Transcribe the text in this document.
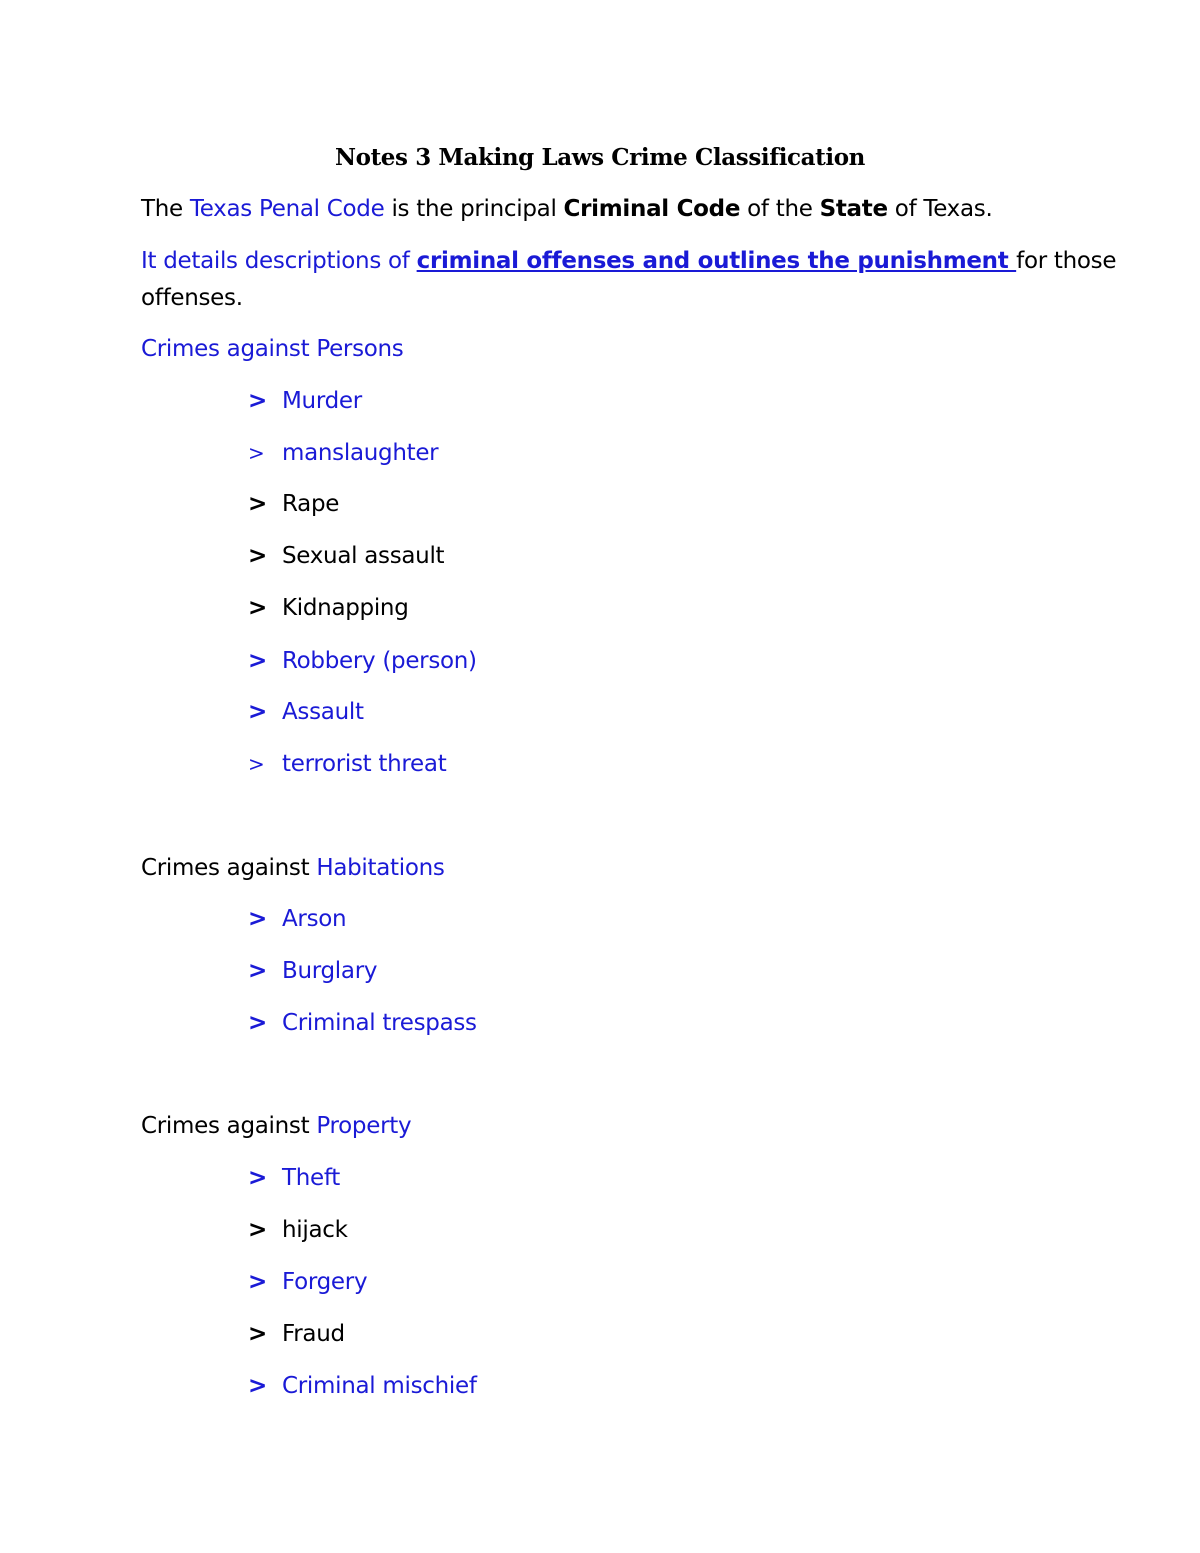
Notes 3 Making Laws Crime Classification
The Texas Penal Code is the principal Criminal Code of the State of Texas.
It details descriptions of criminal offenses and outlines the punishment for those
offenses.
Crimes against Persons
> Murder
> manslaughter
> Rape
> Sexual assault
> Kidnapping
> Robbery (person)
> Assault
> terrorist threat
Crimes against Habitations
> Arson
> Burglary
> Criminal trespass
Crimes against Property
> Theft
> hijack
> Forgery
> Fraud
> Criminal mischief
